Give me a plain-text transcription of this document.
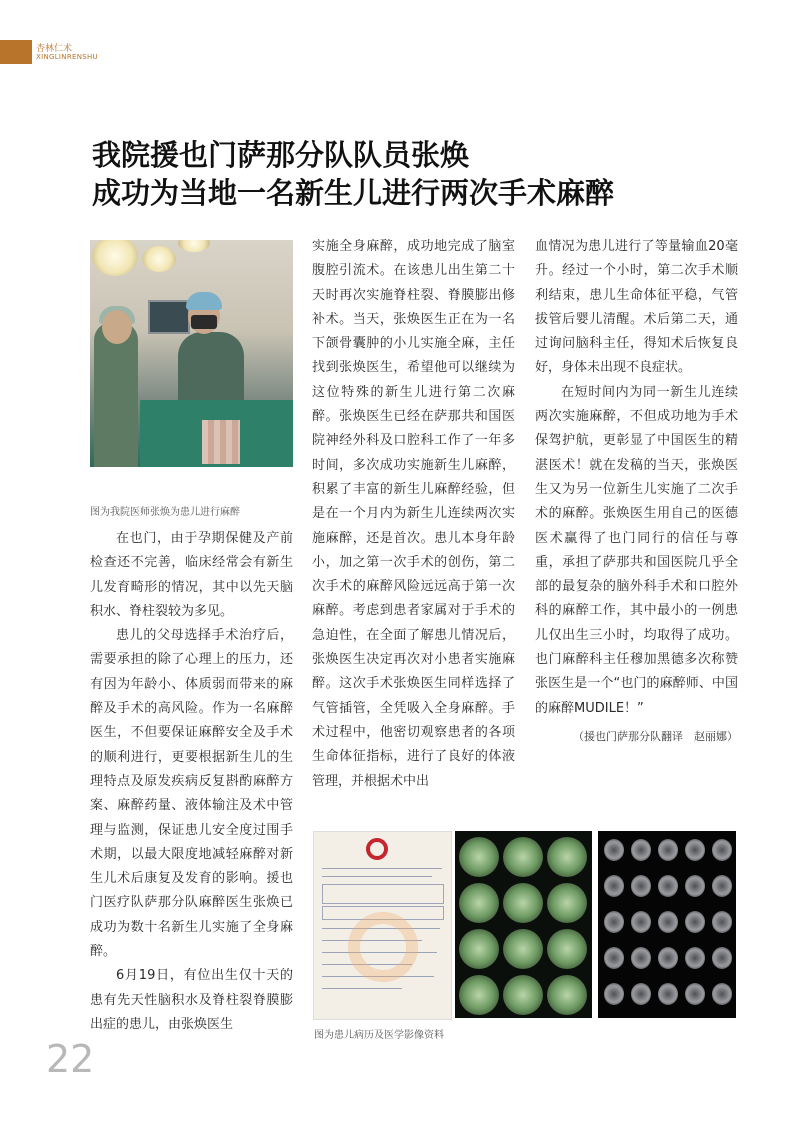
杏林仁术
XINGLINRENSHU
我院援也门萨那分队队员张焕
成功为当地一名新生儿进行两次手术麻醉
图为我院医师张焕为患儿进行麻醉

在也门，由于孕期保健及产前检查还不完善，临床经常会有新生儿发育畸形的情况，其中以先天脑积水、脊柱裂较为多见。

患儿的父母选择手术治疗后，需要承担的除了心理上的压力，还有因为年龄小、体质弱而带来的麻醉及手术的高风险。作为一名麻醉医生，不但要保证麻醉安全及手术的顺利进行，更要根据新生儿的生理特点及原发疾病反复斟酌麻醉方案、麻醉药量、液体输注及术中管理与监测，保证患儿安全度过围手术期，以最大限度地减轻麻醉对新生儿术后康复及发育的影响。援也门医疗队萨那分队麻醉医生张焕已成功为数十名新生儿实施了全身麻醉。

6月19日，有位出生仅十天的患有先天性脑积水及脊柱裂脊膜膨出症的患儿，由张焕医生

实施全身麻醉，成功地完成了脑室腹腔引流术。在该患儿出生第二十天时再次实施脊柱裂、脊膜膨出修补术。当天，张焕医生正在为一名下颌骨囊肿的小儿实施全麻，主任找到张焕医生，希望他可以继续为这位特殊的新生儿进行第二次麻醉。张焕医生已经在萨那共和国医院神经外科及口腔科工作了一年多时间，多次成功实施新生儿麻醉，积累了丰富的新生儿麻醉经验，但是在一个月内为新生儿连续两次实施麻醉，还是首次。患儿本身年龄小，加之第一次手术的创伤，第二次手术的麻醉风险远远高于第一次麻醉。考虑到患者家属对于手术的急迫性，在全面了解患儿情况后，张焕医生决定再次对小患者实施麻醉。这次手术张焕医生同样选择了气管插管，全凭吸入全身麻醉。手术过程中，他密切观察患者的各项生命体征指标，进行了良好的体液管理，并根据术中出

血情况为患儿进行了等量输血20毫升。经过一个小时，第二次手术顺利结束，患儿生命体征平稳，气管拔管后婴儿清醒。术后第二天，通过询问脑科主任，得知术后恢复良好，身体未出现不良症状。

在短时间内为同一新生儿连续两次实施麻醉，不但成功地为手术保驾护航，更彰显了中国医生的精湛医术！就在发稿的当天，张焕医生又为另一位新生儿实施了二次手术的麻醉。张焕医生用自己的医德医术赢得了也门同行的信任与尊重，承担了萨那共和国医院几乎全部的最复杂的脑外科手术和口腔外科的麻醉工作，其中最小的一例患儿仅出生三小时，均取得了成功。也门麻醉科主任穆加黑德多次称赞张医生是一个“也门的麻醉师、中国的麻醉MUDILE！”

（援也门萨那分队翻译　赵丽娜）
图为患儿病历及医学影像资料
22
